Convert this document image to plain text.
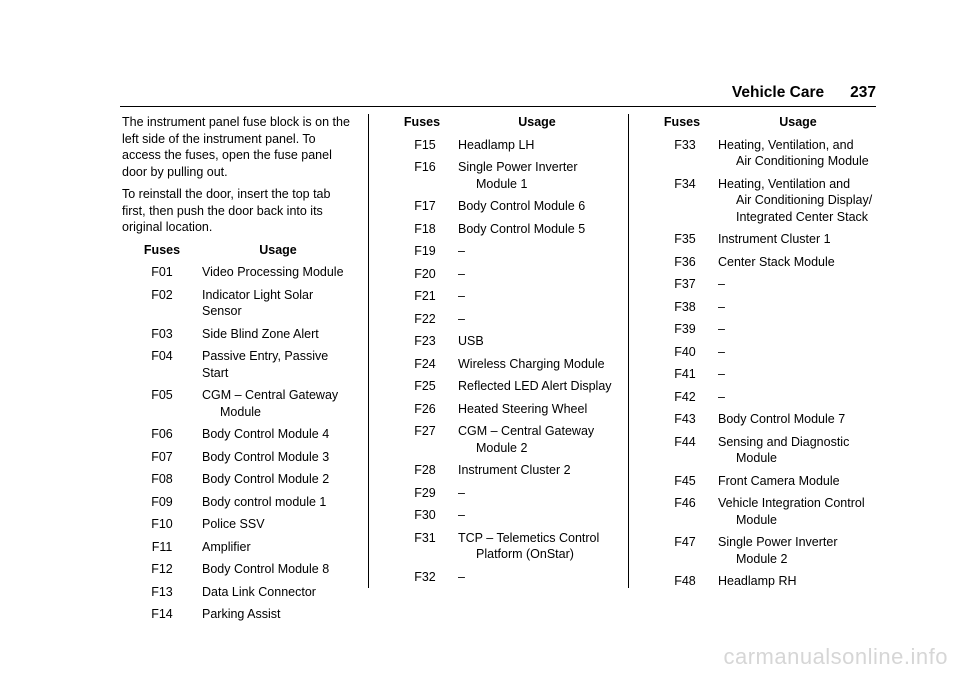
Vehicle Care 237

The instrument panel fuse block is on the left side of the instrument panel. To access the fuses, open the fuse panel door by pulling out.

To reinstall the door, insert the top tab first, then push the door back into its original location.

Fuses	Usage
F01	Video Processing Module
F02	Indicator Light Solar Sensor
F03	Side Blind Zone Alert
F04	Passive Entry, Passive Start
F05	CGM – Central Gateway
Module
F06	Body Control Module 4
F07	Body Control Module 3
F08	Body Control Module 2
F09	Body control module 1
F10	Police SSV
F11	Amplifier
F12	Body Control Module 8
F13	Data Link Connector
F14	Parking Assist
Fuses	Usage
F15	Headlamp LH
F16	Single Power Inverter
Module 1
F17	Body Control Module 6
F18	Body Control Module 5
F19	–
F20	–
F21	–
F22	–
F23	USB
F24	Wireless Charging Module
F25	Reflected LED Alert Display
F26	Heated Steering Wheel
F27	CGM – Central Gateway
Module 2
F28	Instrument Cluster 2
F29	–
F30	–
F31	TCP – Telemetics Control
Platform (OnStar)
F32	–
Fuses	Usage
F33	Heating, Ventilation, and
Air Conditioning Module
F34	Heating, Ventilation and
Air Conditioning Display/
Integrated Center Stack
F35	Instrument Cluster 1
F36	Center Stack Module
F37	–
F38	–
F39	–
F40	–
F41	–
F42	–
F43	Body Control Module 7
F44	Sensing and Diagnostic
Module
F45	Front Camera Module
F46	Vehicle Integration Control
Module
F47	Single Power Inverter
Module 2
F48	Headlamp RH
carmanualsonline.info
